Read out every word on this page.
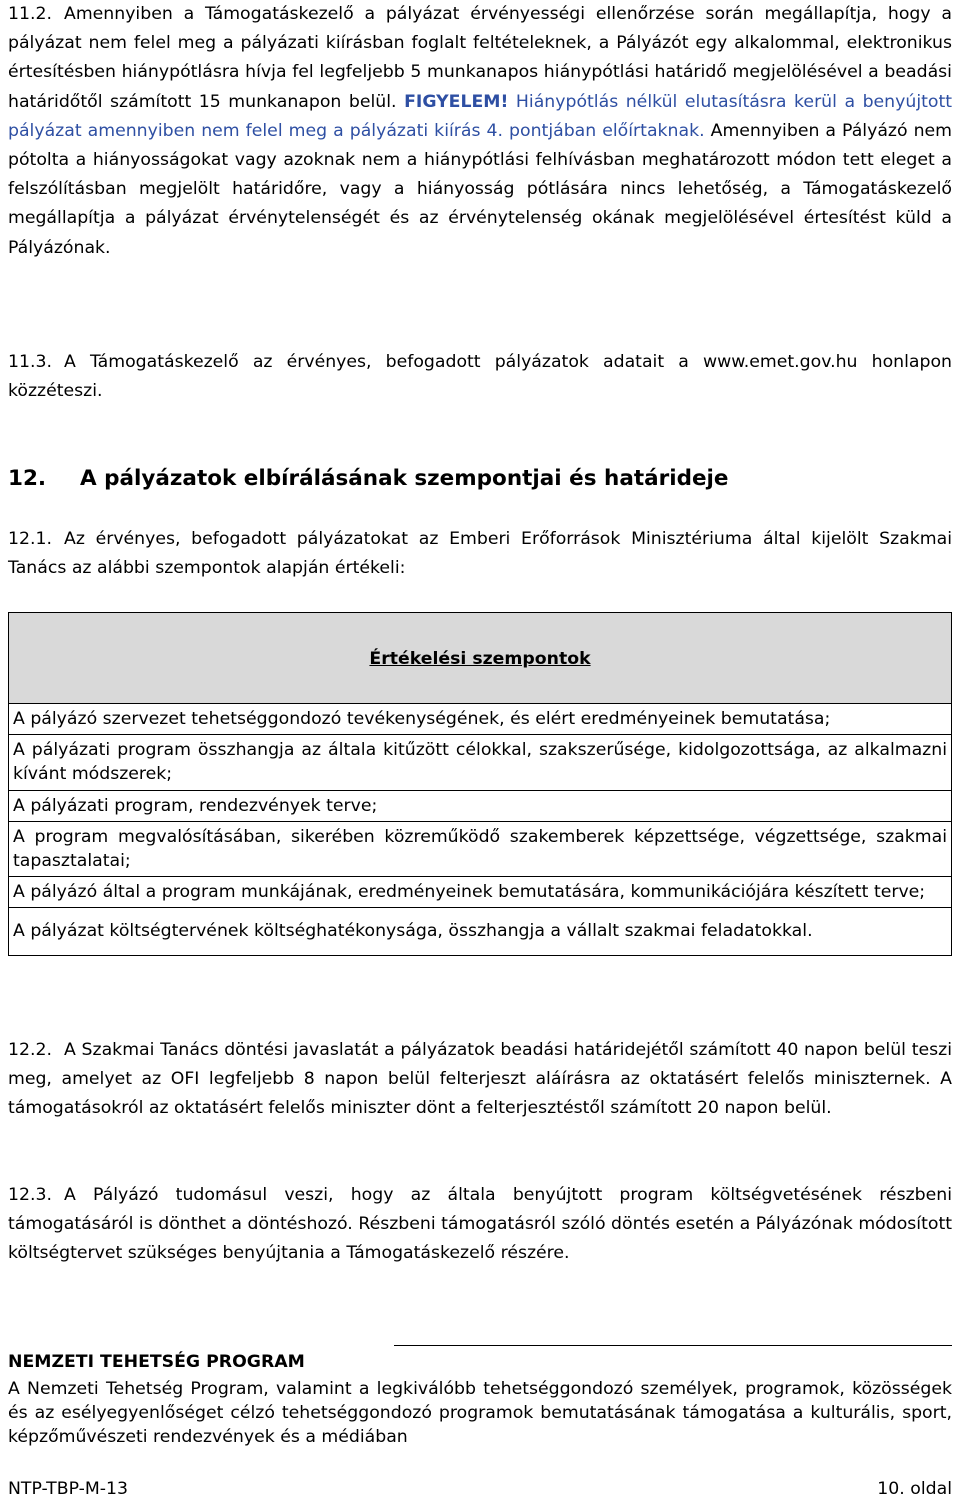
11.2. Amennyiben a Támogatáskezelő a pályázat érvényességi ellenőrzése során megállapítja, hogy a pályázat nem felel meg a pályázati kiírásban foglalt feltételeknek, a Pályázót egy alkalommal, elektronikus értesítésben hiánypótlásra hívja fel legfeljebb 5 munkanapos hiánypótlási határidő megjelölésével a beadási határidőtől számított 15 munkanapon belül. FIGYELEM! Hiánypótlás nélkül elutasításra kerül a benyújtott pályázat amennyiben nem felel meg a pályázati kiírás 4. pontjában előírtaknak. Amennyiben a Pályázó nem pótolta a hiányosságokat vagy azoknak nem a hiánypótlási felhívásban meghatározott módon tett eleget a felszólításban megjelölt határidőre, vagy a hiányosság pótlására nincs lehetőség, a Támogatáskezelő megállapítja a pályázat érvénytelenségét és az érvénytelenség okának megjelölésével értesítést küld a Pályázónak.
11.3. A Támogatáskezelő az érvényes, befogadott pályázatok adatait a www.emet.gov.hu honlapon közzéteszi.
12. A pályázatok elbírálásának szempontjai és határideje
12.1. Az érvényes, befogadott pályázatokat az Emberi Erőforrások Minisztériuma által kijelölt Szakmai Tanács az alábbi szempontok alapján értékeli:
Értékelési szempontok
A pályázó szervezet tehetséggondozó tevékenységének, és elért eredményeinek bemutatása;
A pályázati program összhangja az általa kitűzött célokkal, szakszerűsége, kidolgozottsága, az alkalmazni kívánt módszerek;
A pályázati program, rendezvények terve;
A program megvalósításában, sikerében közreműködő szakemberek képzettsége, végzettsége, szakmai tapasztalatai;
A pályázó által a program munkájának, eredményeinek bemutatására, kommunikációjára készített terve;
A pályázat költségtervének költséghatékonysága, összhangja a vállalt szakmai feladatokkal.
12.2. A Szakmai Tanács döntési javaslatát a pályázatok beadási határidejétől számított 40 napon belül teszi meg, amelyet az OFI legfeljebb 8 napon belül felterjeszt aláírásra az oktatásért felelős miniszternek. A támogatásokról az oktatásért felelős miniszter dönt a felterjesztéstől számított 20 napon belül.
12.3. A Pályázó tudomásul veszi, hogy az általa benyújtott program költségvetésének részbeni támogatásáról is dönthet a döntéshozó. Részbeni támogatásról szóló döntés esetén a Pályázónak módosított költségtervet szükséges benyújtania a Támogatáskezelő részére.
NEMZETI TEHETSÉG PROGRAM
A Nemzeti Tehetség Program, valamint a legkiválóbb tehetséggondozó személyek, programok, közösségek és az esélyegyenlőséget célzó tehetséggondozó programok bemutatásának támogatása a kulturális, sport, képzőművészeti rendezvények és a médiában
NTP-TBP-M-13	10. oldal
